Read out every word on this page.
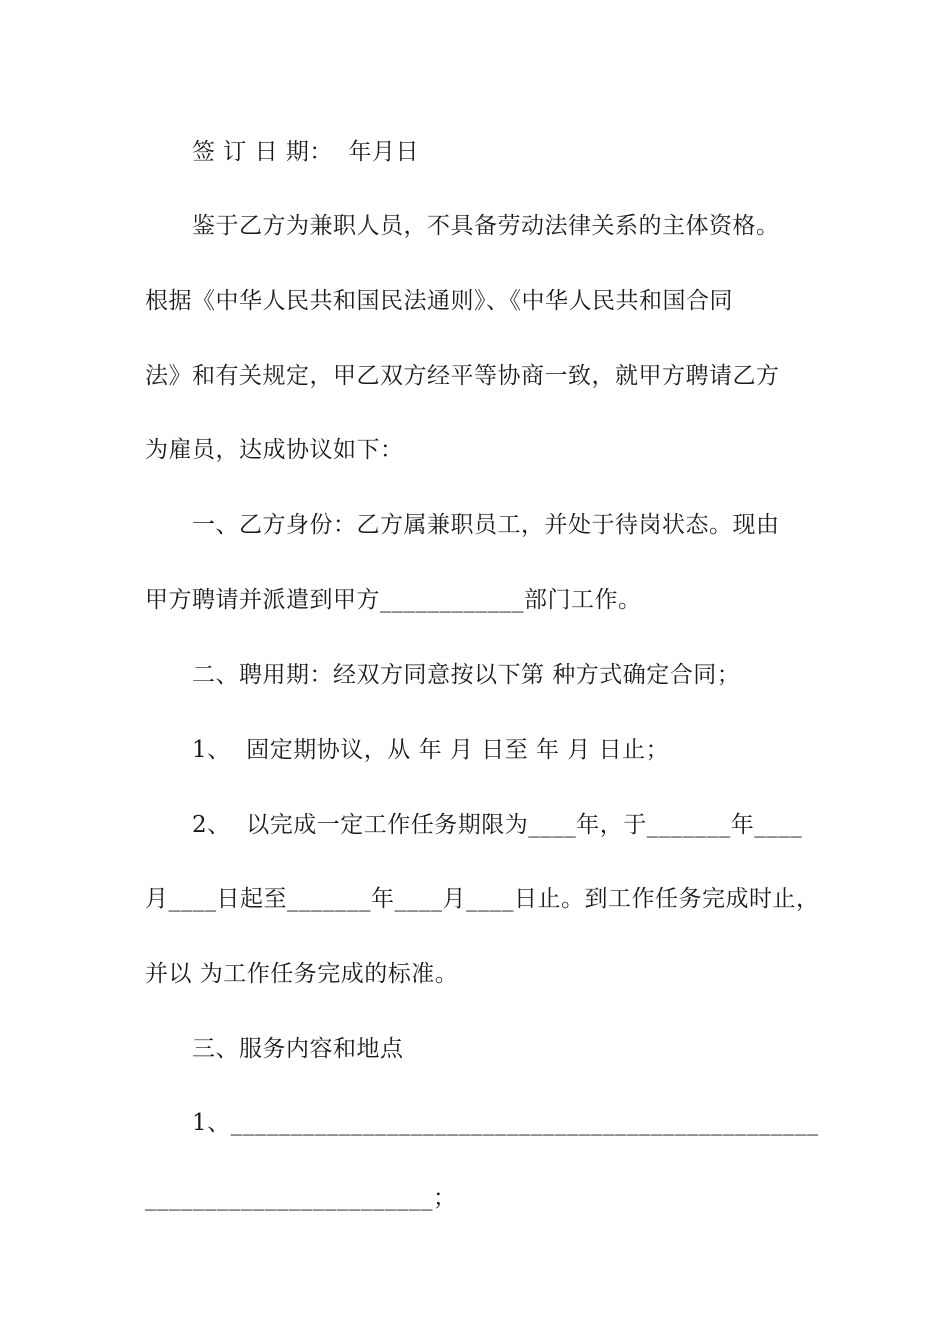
签 订 日 期：  年月日
鉴于乙方为兼职人员，不具备劳动法律关系的主体资格。
根据《中华人民共和国民法通则》、《中华人民共和国合同
法》和有关规定，甲乙双方经平等协商一致，就甲方聘请乙方
为雇员，达成协议如下：
一、乙方身份：乙方属兼职员工，并处于待岗状态。现由
甲方聘请并派遣到甲方____________部门工作。
二、聘用期：经双方同意按以下第 种方式确定合同；
1、  固定期协议，从 年 月 日至 年 月 日止；
2、  以完成一定工作任务期限为____年，于_______年____
月____日起至_______年____月____日止。到工作任务完成时止，
并以 为工作任务完成的标准。
三、服务内容和地点
1、_________________________________________________
________________________；
